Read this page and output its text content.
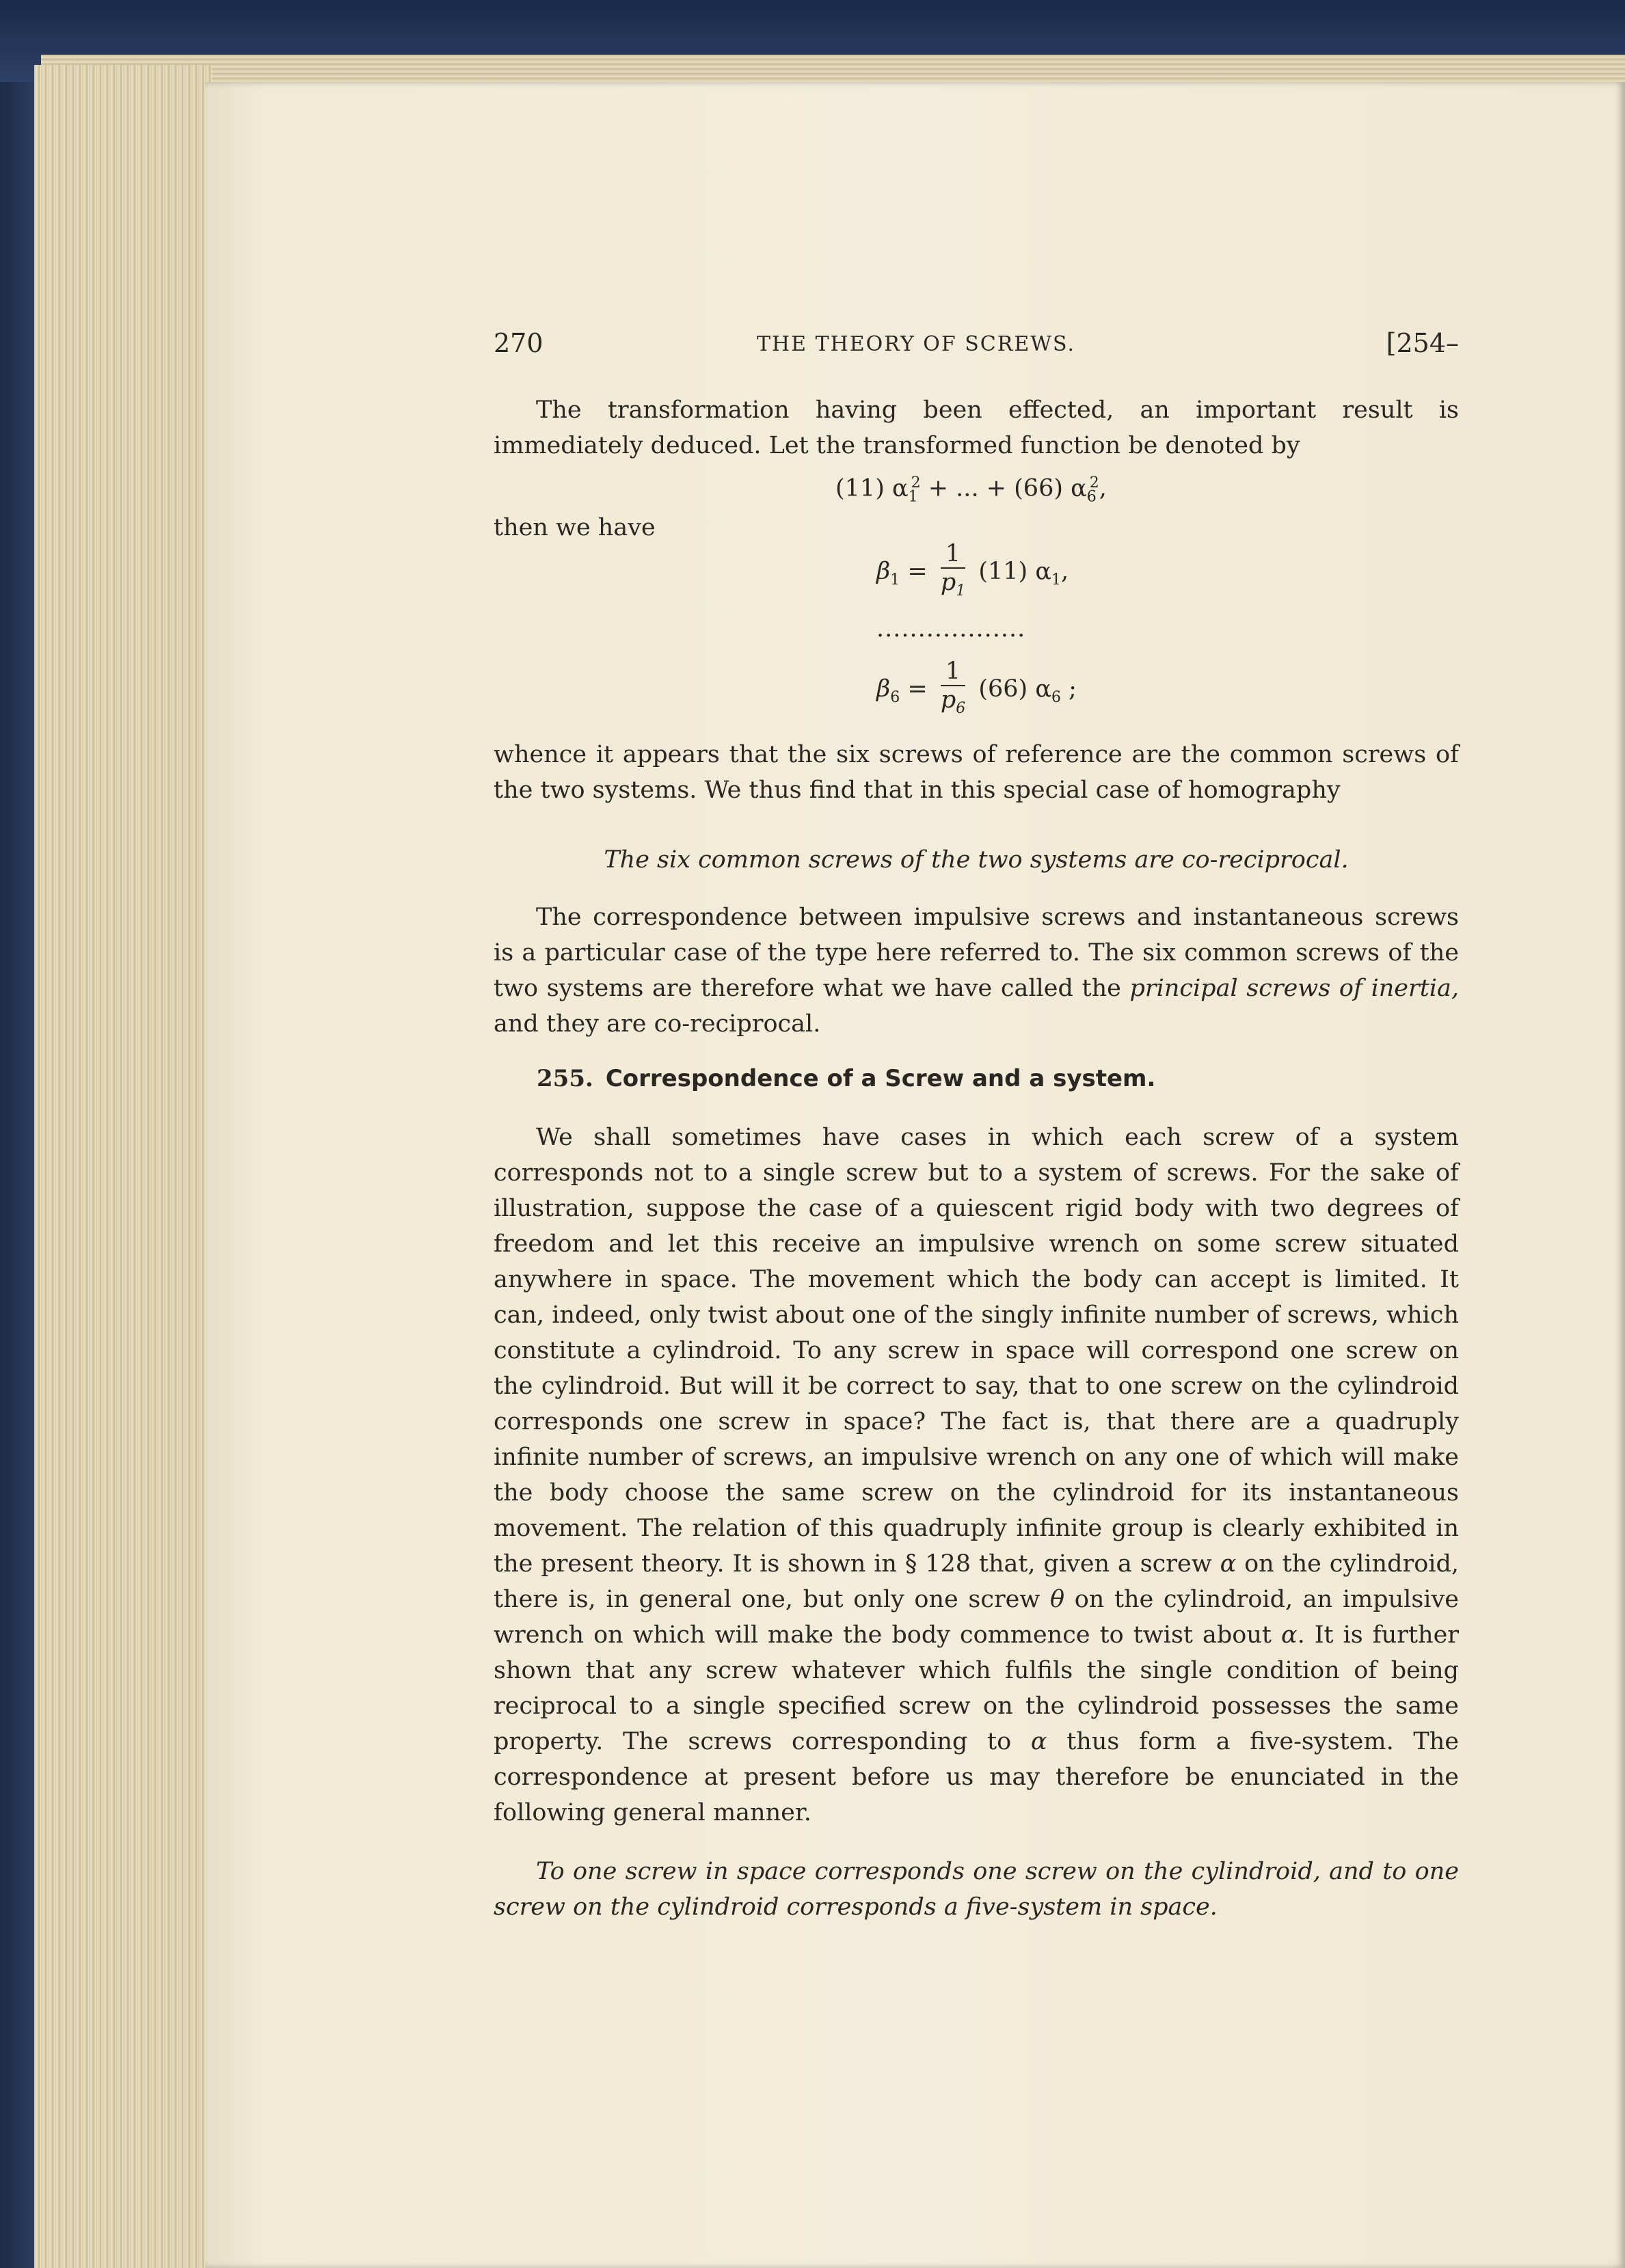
270	THE THEORY OF SCREWS.	[254–

The transformation having been effected, an important result is immediately deduced. Let the transformed function be denoted by

(11) $\alpha_1^2$ + ... + (66) $\alpha_6^2$,
then we have
$\beta_1 = \frac{1}{p_1} (11)$ $\alpha_1$,
..................
$\beta_6 = \frac{1}{p_6} (66)$ $\alpha_6$ ;

whence it appears that the six screws of reference are the common screws of the two systems. We thus find that in this special case of homography

The six common screws of the two systems are co-reciprocal.

The correspondence between impulsive screws and instantaneous screws is a particular case of the type here referred to. The six common screws of the two systems are therefore what we have called the principal screws of inertia, and they are co-reciprocal.

255. Correspondence of a Screw and a system.

We shall sometimes have cases in which each screw of a system corresponds not to a single screw but to a system of screws. For the sake of illustration, suppose the case of a quiescent rigid body with two degrees of freedom and let this receive an impulsive wrench on some screw situated anywhere in space. The movement which the body can accept is limited. It can, indeed, only twist about one of the singly infinite number of screws, which constitute a cylindroid. To any screw in space will correspond one screw on the cylindroid. But will it be correct to say, that to one screw on the cylindroid corresponds one screw in space? The fact is, that there are a quadruply infinite number of screws, an impulsive wrench on any one of which will make the body choose the same screw on the cylindroid for its instantaneous movement. The relation of this quadruply infinite group is clearly exhibited in the present theory. It is shown in § 128 that, given a screw α on the cylindroid, there is, in general one, but only one screw θ on the cylindroid, an impulsive wrench on which will make the body commence to twist about α. It is further shown that any screw whatever which fulfils the single condition of being reciprocal to a single specified screw on the cylindroid possesses the same property. The screws corresponding to α thus form a five-system. The correspondence at present before us may therefore be enunciated in the following general manner.

To one screw in space corresponds one screw on the cylindroid, and to one screw on the cylindroid corresponds a five-system in space.
